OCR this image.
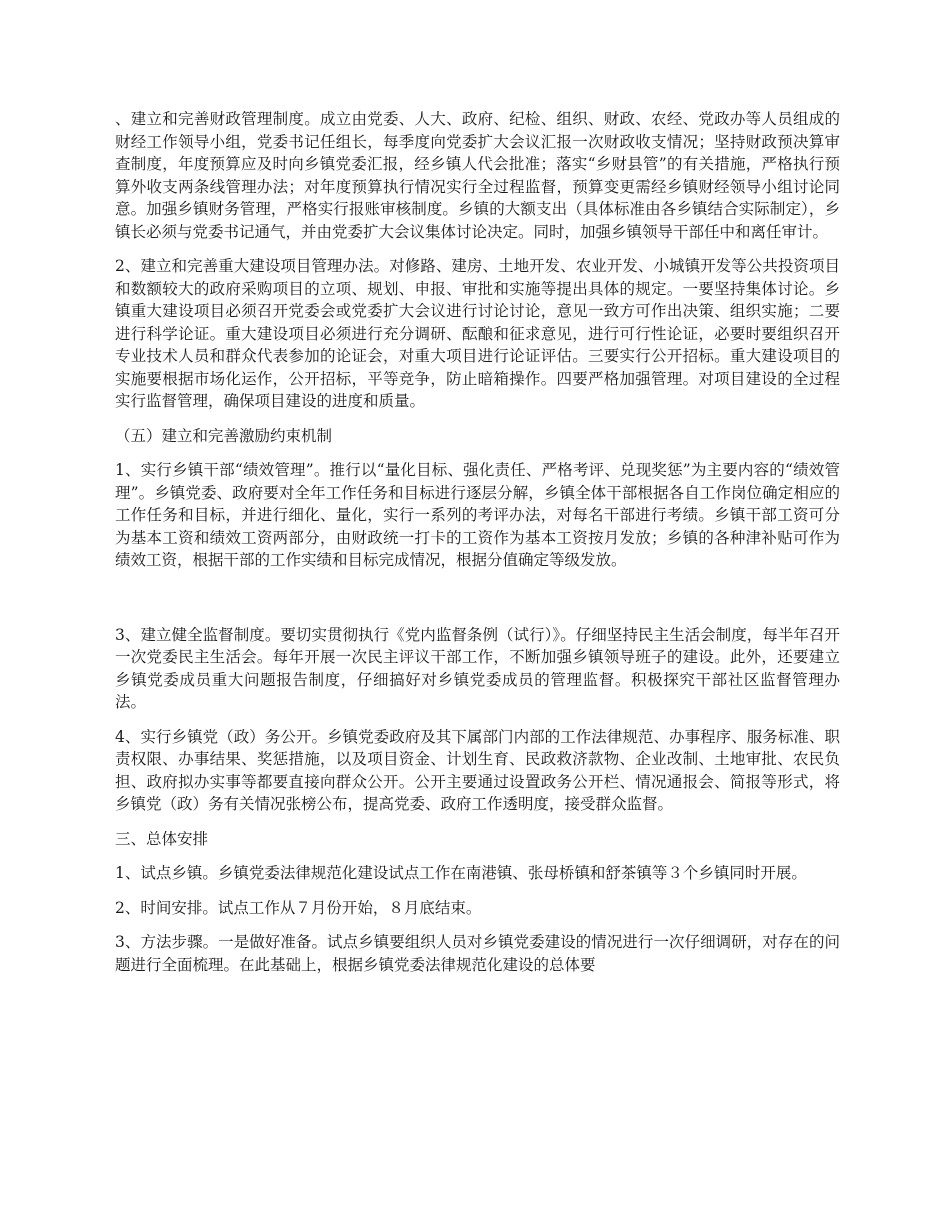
、建立和完善财政管理制度。成立由党委、人大、政府、纪检、组织、财政、农经、党政办等人员组成的财经工作领导小组，党委书记任组长，每季度向党委扩大会议汇报一次财政收支情况；坚持财政预决算审查制度，年度预算应及时向乡镇党委汇报，经乡镇人代会批准；落实“乡财县管”的有关措施，严格执行预算外收支两条线管理办法；对年度预算执行情况实行全过程监督，预算变更需经乡镇财经领导小组讨论同意。加强乡镇财务管理，严格实行报账审核制度。乡镇的大额支出（具体标准由各乡镇结合实际制定），乡镇长必须与党委书记通气，并由党委扩大会议集体讨论决定。同时，加强乡镇领导干部任中和离任审计。

2、建立和完善重大建设项目管理办法。对修路、建房、土地开发、农业开发、小城镇开发等公共投资项目和数额较大的政府采购项目的立项、规划、申报、审批和实施等提出具体的规定。一要坚持集体讨论。乡镇重大建设项目必须召开党委会或党委扩大会议进行讨论讨论，意见一致方可作出决策、组织实施；二要进行科学论证。重大建设项目必须进行充分调研、酝酿和征求意见，进行可行性论证，必要时要组织召开专业技术人员和群众代表参加的论证会，对重大项目进行论证评估。三要实行公开招标。重大建设项目的实施要根据市场化运作，公开招标，平等竞争，防止暗箱操作。四要严格加强管理。对项目建设的全过程实行监督管理，确保项目建设的进度和质量。

（五）建立和完善激励约束机制

1、实行乡镇干部“绩效管理”。推行以“量化目标、强化责任、严格考评、兑现奖惩”为主要内容的“绩效管理”。乡镇党委、政府要对全年工作任务和目标进行逐层分解，乡镇全体干部根据各自工作岗位确定相应的工作任务和目标，并进行细化、量化，实行一系列的考评办法，对每名干部进行考绩。乡镇干部工资可分为基本工资和绩效工资两部分，由财政统一打卡的工资作为基本工资按月发放；乡镇的各种津补贴可作为绩效工资，根据干部的工作实绩和目标完成情况，根据分值确定等级发放。

3、建立健全监督制度。要切实贯彻执行《党内监督条例（试行）》。仔细坚持民主生活会制度，每半年召开一次党委民主生活会。每年开展一次民主评议干部工作，不断加强乡镇领导班子的建设。此外，还要建立乡镇党委成员重大问题报告制度，仔细搞好对乡镇党委成员的管理监督。积极探究干部社区监督管理办法。

4、实行乡镇党（政）务公开。乡镇党委政府及其下属部门内部的工作法律规范、办事程序、服务标准、职责权限、办事结果、奖惩措施，以及项目资金、计划生育、民政救济款物、企业改制、土地审批、农民负担、政府拟办实事等都要直接向群众公开。公开主要通过设置政务公开栏、情况通报会、简报等形式，将乡镇党（政）务有关情况张榜公布，提高党委、政府工作透明度，接受群众监督。

三、总体安排

1、试点乡镇。乡镇党委法律规范化建设试点工作在南港镇、张母桥镇和舒茶镇等３个乡镇同时开展。

2、时间安排。试点工作从７月份开始，８月底结束。

3、方法步骤。一是做好准备。试点乡镇要组织人员对乡镇党委建设的情况进行一次仔细调研，对存在的问题进行全面梳理。在此基础上，根据乡镇党委法律规范化建设的总体要
